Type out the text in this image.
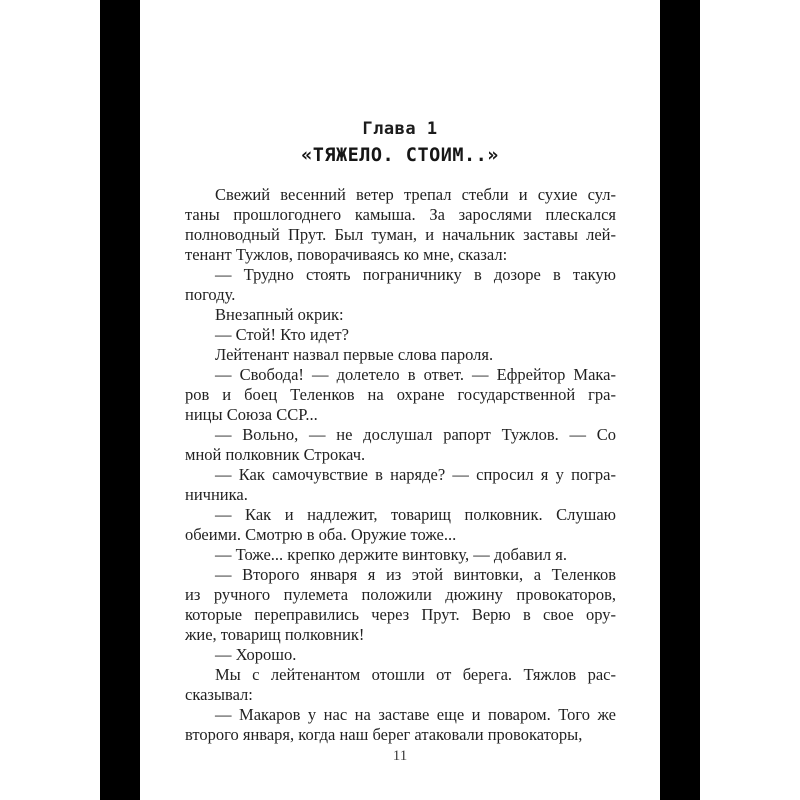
Глава 1
«ТЯЖЕЛО. СТОИМ..»
Свежий весенний ветер трепал стебли и сухие сул-
таны прошлогоднего камыша. За зарослями плескался
полноводный Прут. Был туман, и начальник заставы лей-
тенант Тужлов, поворачиваясь ко мне, сказал:
— Трудно стоять пограничнику в дозоре в такую
погоду.
Внезапный окрик:
— Стой! Кто идет?
Лейтенант назвал первые слова пароля.
— Свобода! — долетело в ответ. — Ефрейтор Мака-
ров и боец Теленков на охране государственной гра-
ницы Союза ССР...
— Вольно, — не дослушал рапорт Тужлов. — Со
мной полковник Строкач.
— Как самочувствие в наряде? — спросил я у погра-
ничника.
— Как и надлежит, товарищ полковник. Слушаю
обеими. Смотрю в оба. Оружие тоже...
— Тоже... крепко держите винтовку, — добавил я.
— Второго января я из этой винтовки, а Теленков
из ручного пулемета положили дюжину провокаторов,
которые переправились через Прут. Верю в свое ору-
жие, товарищ полковник!
— Хорошо.
Мы с лейтенантом отошли от берега. Тяжлов рас-
сказывал:
— Макаров у нас на заставе еще и поваром. Того же
второго января, когда наш берег атаковали провокаторы,
11
